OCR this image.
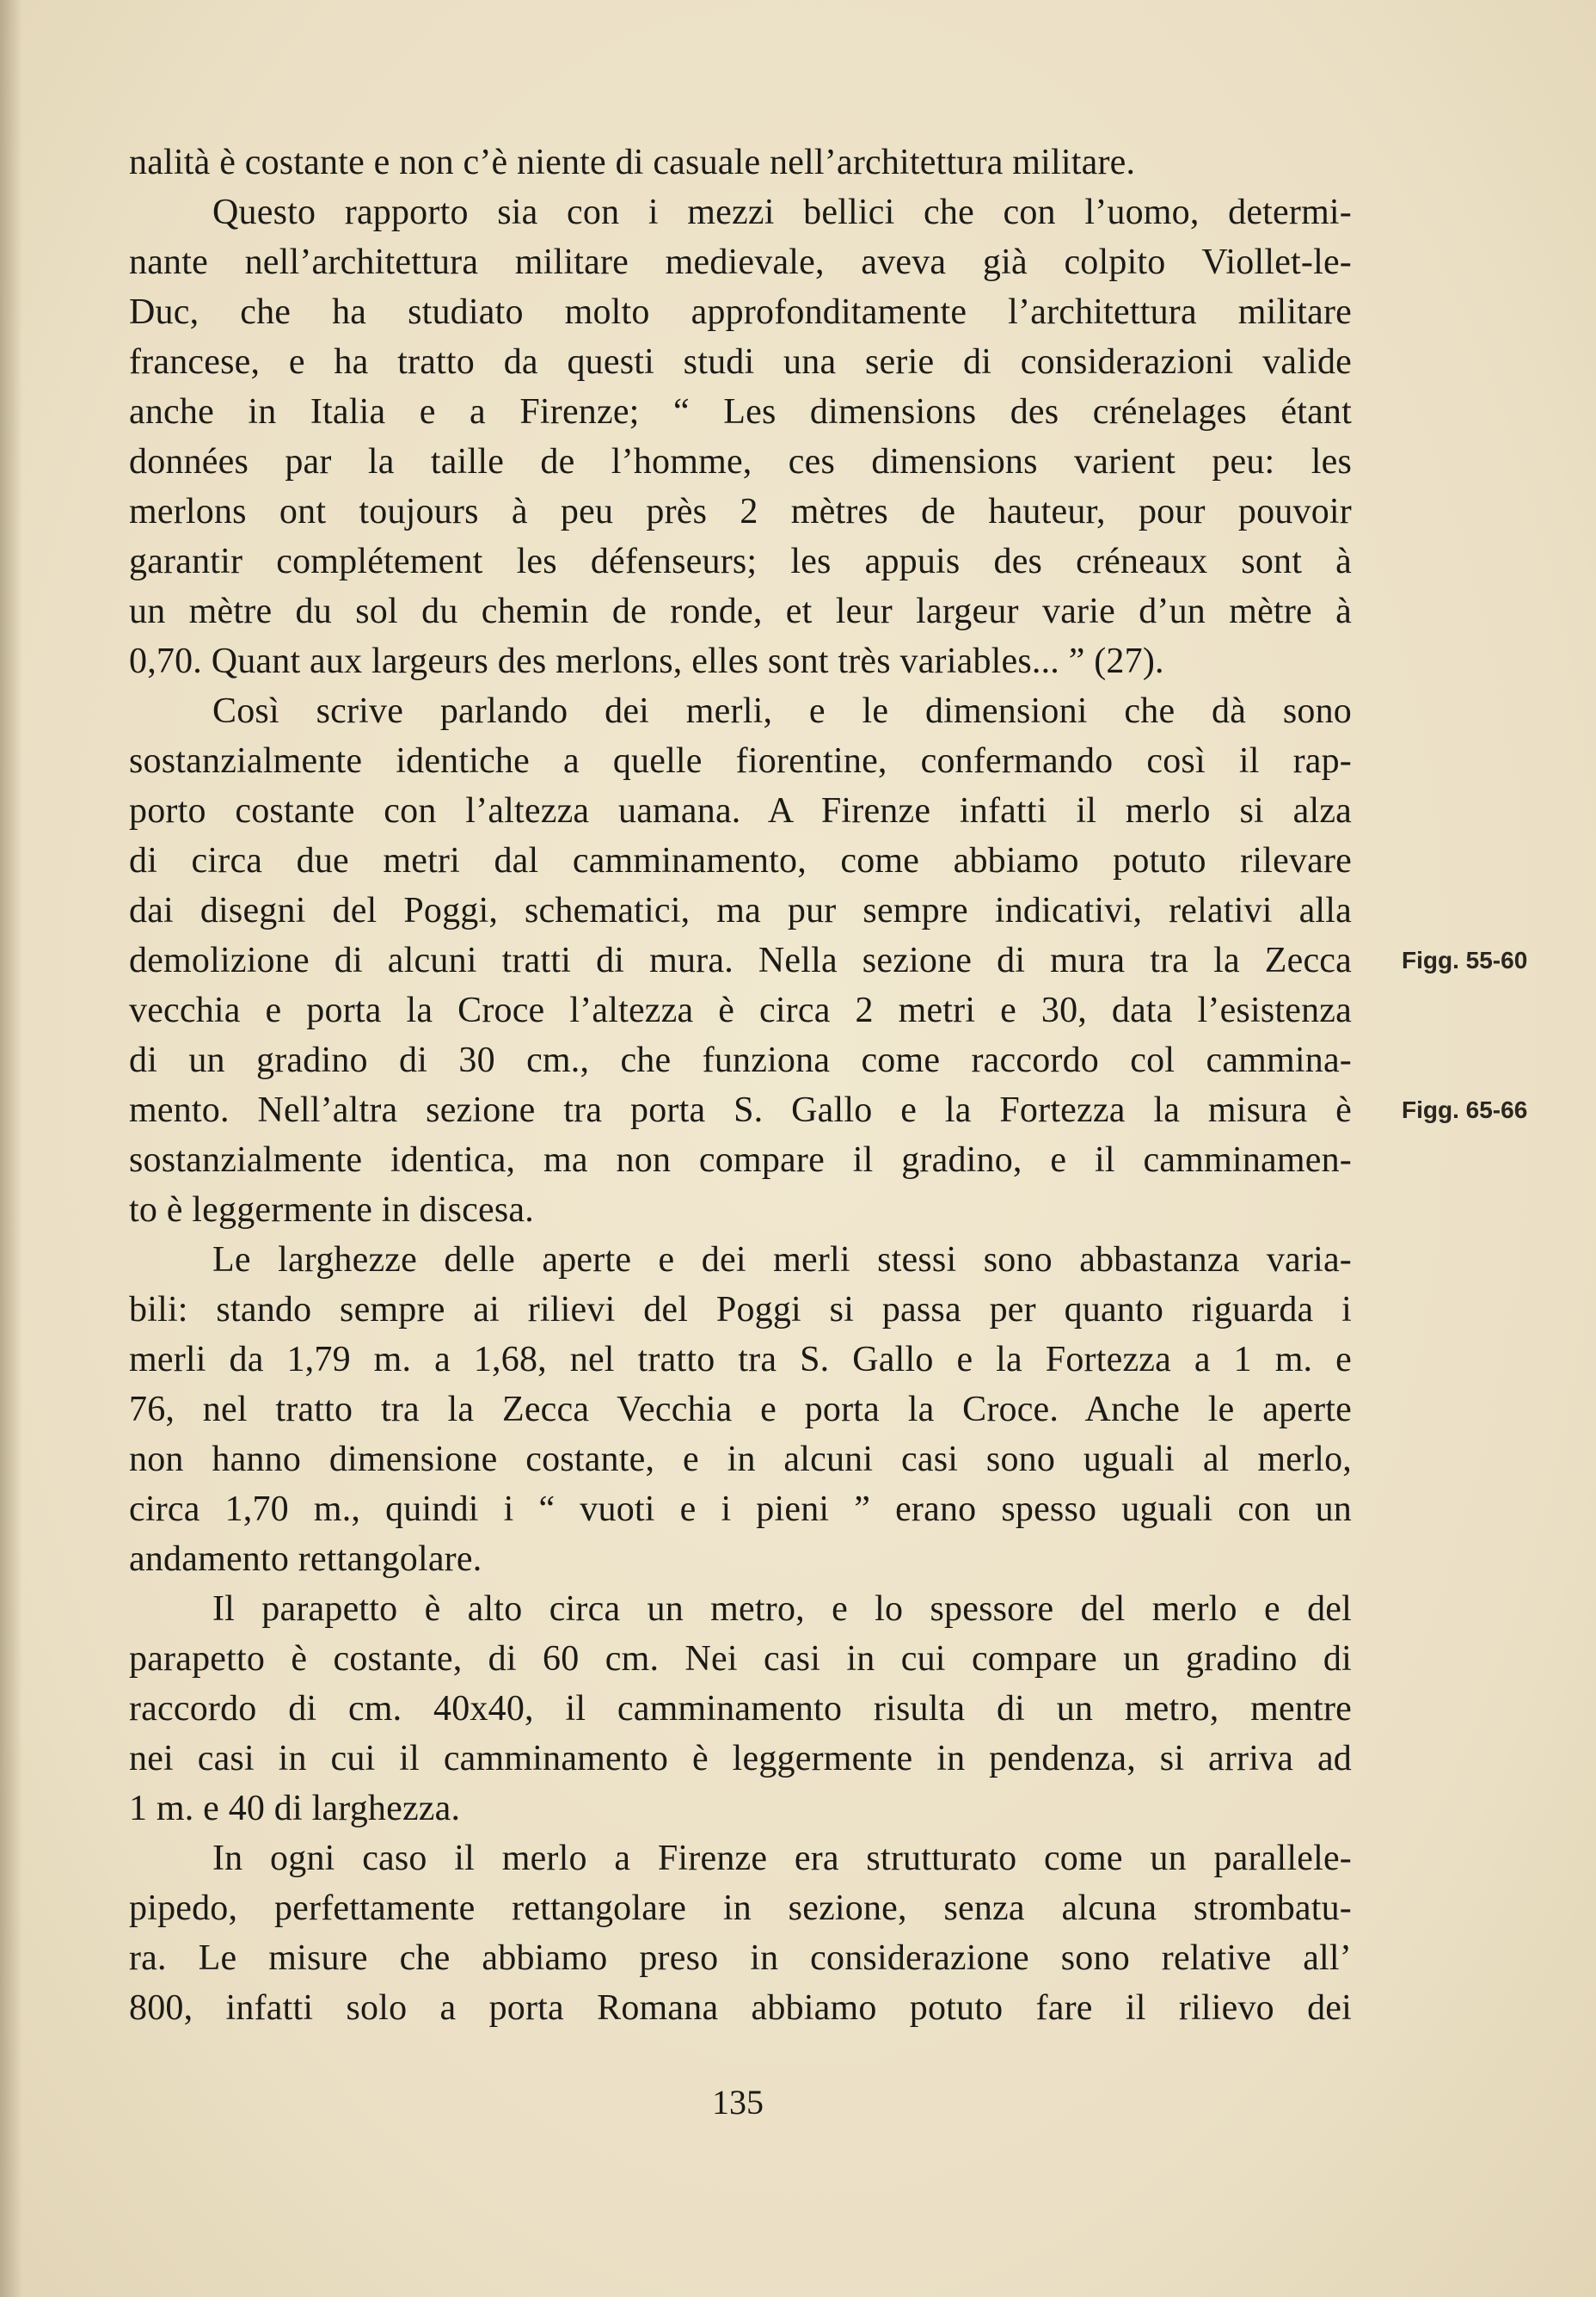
nalità è costante e non c’è niente di casuale nell’architettura militare.
Questo rapporto sia con i mezzi bellici che con l’uomo, determi-
nante nell’architettura militare medievale, aveva già colpito Viollet-le-
Duc, che ha studiato molto approfonditamente l’architettura militare
francese, e ha tratto da questi studi una serie di considerazioni valide
anche in Italia e a Firenze; “ Les dimensions des crénelages étant
données par la taille de l’homme, ces dimensions varient peu: les
merlons ont toujours à peu près 2 mètres de hauteur, pour pouvoir
garantir complétement les défenseurs; les appuis des créneaux sont à
un mètre du sol du chemin de ronde, et leur largeur varie d’un mètre à
0,70. Quant aux largeurs des merlons, elles sont très variables... ” (27).
Così scrive parlando dei merli, e le dimensioni che dà sono
sostanzialmente identiche a quelle fiorentine, confermando così il rap-
porto costante con l’altezza uamana. A Firenze infatti il merlo si alza
di circa due metri dal camminamento, come abbiamo potuto rilevare
dai disegni del Poggi, schematici, ma pur sempre indicativi, relativi alla
demolizione di alcuni tratti di mura. Nella sezione di mura tra la Zecca
vecchia e porta la Croce l’altezza è circa 2 metri e 30, data l’esistenza
di un gradino di 30 cm., che funziona come raccordo col cammina-
mento. Nell’altra sezione tra porta S. Gallo e la Fortezza la misura è
sostanzialmente identica, ma non compare il gradino, e il camminamen-
to è leggermente in discesa.
Le larghezze delle aperte e dei merli stessi sono abbastanza varia-
bili: stando sempre ai rilievi del Poggi si passa per quanto riguarda i
merli da 1,79 m. a 1,68, nel tratto tra S. Gallo e la Fortezza a 1 m. e
76, nel tratto tra la Zecca Vecchia e porta la Croce. Anche le aperte
non hanno dimensione costante, e in alcuni casi sono uguali al merlo,
circa 1,70 m., quindi i “ vuoti e i pieni ” erano spesso uguali con un
andamento rettangolare.
Il parapetto è alto circa un metro, e lo spessore del merlo e del
parapetto è costante, di 60 cm. Nei casi in cui compare un gradino di
raccordo di cm. 40x40, il camminamento risulta di un metro, mentre
nei casi in cui il camminamento è leggermente in pendenza, si arriva ad
1 m. e 40 di larghezza.
In ogni caso il merlo a Firenze era strutturato come un parallele-
pipedo, perfettamente rettangolare in sezione, senza alcuna strombatu-
ra. Le misure che abbiamo preso in considerazione sono relative all’
800, infatti solo a porta Romana abbiamo potuto fare il rilievo dei
Figg. 55-60
Figg. 65-66
135
